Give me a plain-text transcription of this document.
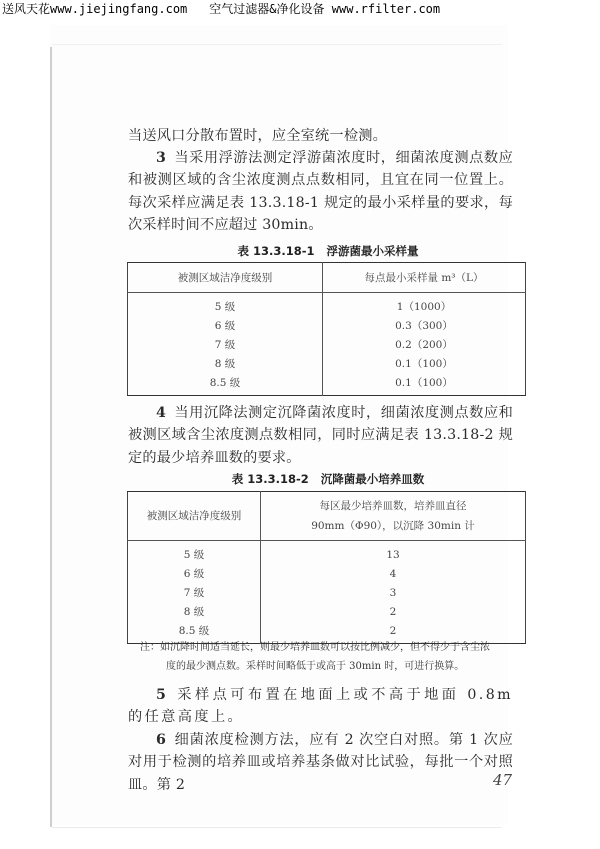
送风天花www.jiejingfang.com 空气过滤器&净化设备 www.rfilter.com
当送风口分散布置时，应全室统一检测。
3 当采用浮游法测定浮游菌浓度时，细菌浓度测点数应和被测区域的含尘浓度测点点数相同，且宜在同一位置上。每次采样应满足表 13.3.18-1 规定的最小采样量的要求，每次采样时间不应超过 30min。
表 13.3.18-1 浮游菌最小采样量
被测区域洁净度级别	每点最小采样量 m³（L）
5 级	1（1000）
6 级	0.3（300）
7 级	0.2（200）
8 级	0.1（100）
8.5 级	0.1（100）
4 当用沉降法测定沉降菌浓度时，细菌浓度测点数应和被测区域含尘浓度测点数相同，同时应满足表 13.3.18-2 规定的最少培养皿数的要求。
表 13.3.18-2 沉降菌最小培养皿数
被测区域洁净度级别	每区最少培养皿数，培养皿直径
90mm（Φ90），以沉降 30min 计

5 级	13
6 级	4
7 级	3
8 级	2
8.5 级	2
注：如沉降时间适当延长，则最少培养皿数可以按比例减少，但不得少于含尘浓
度的最少测点数。采样时间略低于或高于 30min 时，可进行换算。
5 采样点可布置在地面上或不高于地面 0.8m 的任意高度上。
6 细菌浓度检测方法，应有 2 次空白对照。第 1 次应对用于检测的培养皿或培养基条做对比试验，每批一个对照皿。第 2	47
